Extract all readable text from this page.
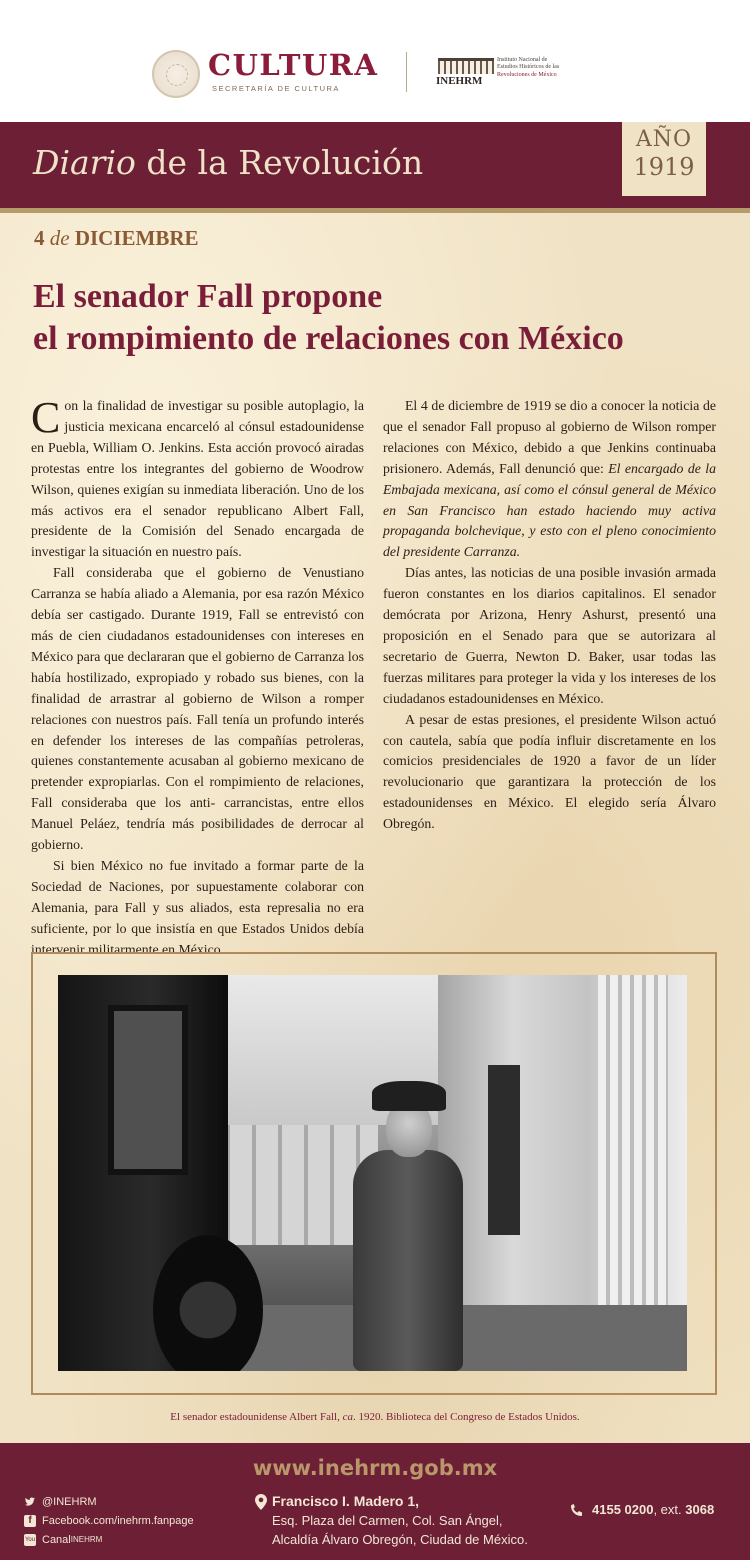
CULTURA
SECRETARÍA DE CULTURA
INEHRM
Instituto Nacional de
Estudios Históricos de las
Revoluciones de México
Diario de la Revolución
AÑO
1919
4 de DICIEMBRE
El senador Fall propone
el rompimiento de relaciones con México

Con la finalidad de investigar su posible autoplagio, la justicia mexicana encarceló al cónsul estadounidense en Puebla, William O. Jenkins. Esta acción provocó airadas protestas entre los integrantes del gobierno de Woodrow Wilson, quienes exigían su inmediata liberación. Uno de los más activos era el senador republicano Albert Fall, presidente de la Comisión del Senado encargada de investigar la situación en nuestro país.

Fall consideraba que el gobierno de Venustiano Carranza se había aliado a Alemania, por esa razón México debía ser castigado. Durante 1919, Fall se entrevistó con más de cien ciudadanos estadounidenses con intereses en México para que declararan que el gobierno de Carranza los había hostilizado, expropiado y robado sus bienes, con la finalidad de arrastrar al gobierno de Wilson a romper relaciones con nuestros país. Fall tenía un profundo interés en defender los intereses de las compañías petroleras, quienes constantemente acusaban al gobierno mexicano de pretender expropiarlas. Con el rompimiento de relaciones, Fall consideraba que los anti- carrancistas, entre ellos Manuel Peláez, tendría más posibilidades de derrocar al gobierno.

Si bien México no fue invitado a formar parte de la Sociedad de Naciones, por supuestamente colaborar con Alemania, para Fall y sus aliados, esta represalia no era suficiente, por lo que insistía en que Estados Unidos debía intervenir militarmente en México.

El 4 de diciembre de 1919 se dio a conocer la noticia de que el senador Fall propuso al gobierno de Wilson romper relaciones con México, debido a que Jenkins continuaba prisionero. Además, Fall denunció que: El encargado de la Embajada mexicana, así como el cónsul general de México en San Francisco han estado haciendo muy activa propaganda bolchevique, y esto con el pleno conocimiento del presidente Carranza.

Días antes, las noticias de una posible invasión armada fueron constantes en los diarios capitalinos. El senador demócrata por Arizona, Henry Ashurst, presentó una proposición en el Senado para que se autorizara al secretario de Guerra, Newton D. Baker, usar todas las fuerzas militares para proteger la vida y los intereses de los ciudadanos estadounidenses en México.

A pesar de estas presiones, el presidente Wilson actuó con cautela, sabía que podía influir discretamente en los comicios presidenciales de 1920 a favor de un líder revolucionario que garantizara la protección de los estadounidenses en México. El elegido sería Álvaro Obregón.

El senador estadounidense Albert Fall, ca. 1920. Biblioteca del Congreso de Estados Unidos.
www.inehrm.gob.mx
@INEHRM
f Facebook.com/inehrm.fanpage
You Canal INEHRM
Francisco I. Madero 1,
Esq. Plaza del Carmen, Col. San Ángel,
Alcaldía Álvaro Obregón, Ciudad de México.
4155 0200, ext. 3068
